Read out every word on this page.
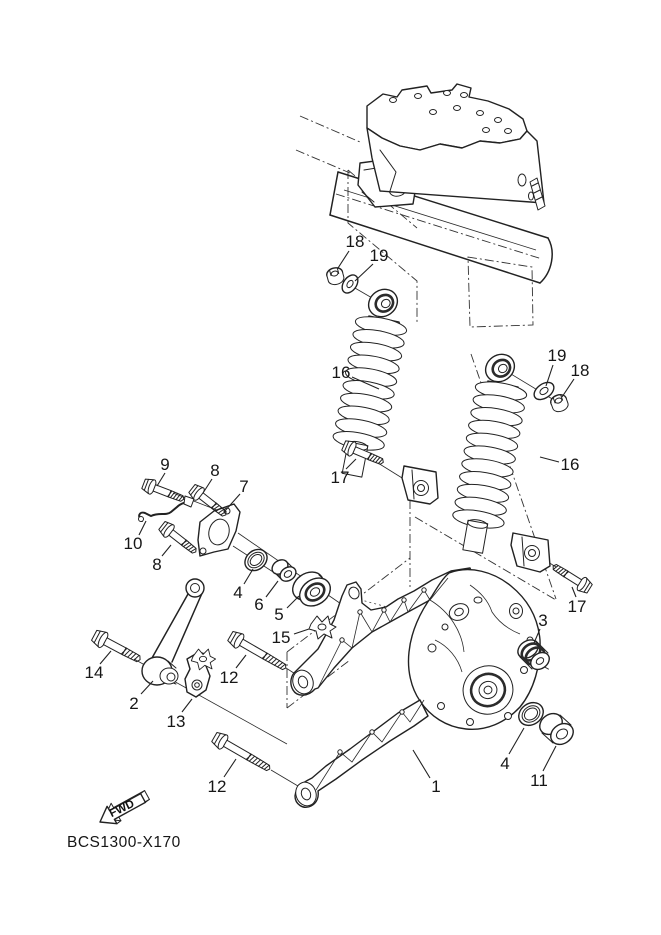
18
19
16
19
18
16
17
9 8
7
10
8
4
6
5
15
3
17
14
2
13
12
12	1
4
11
FWD
BCS1300-X170
